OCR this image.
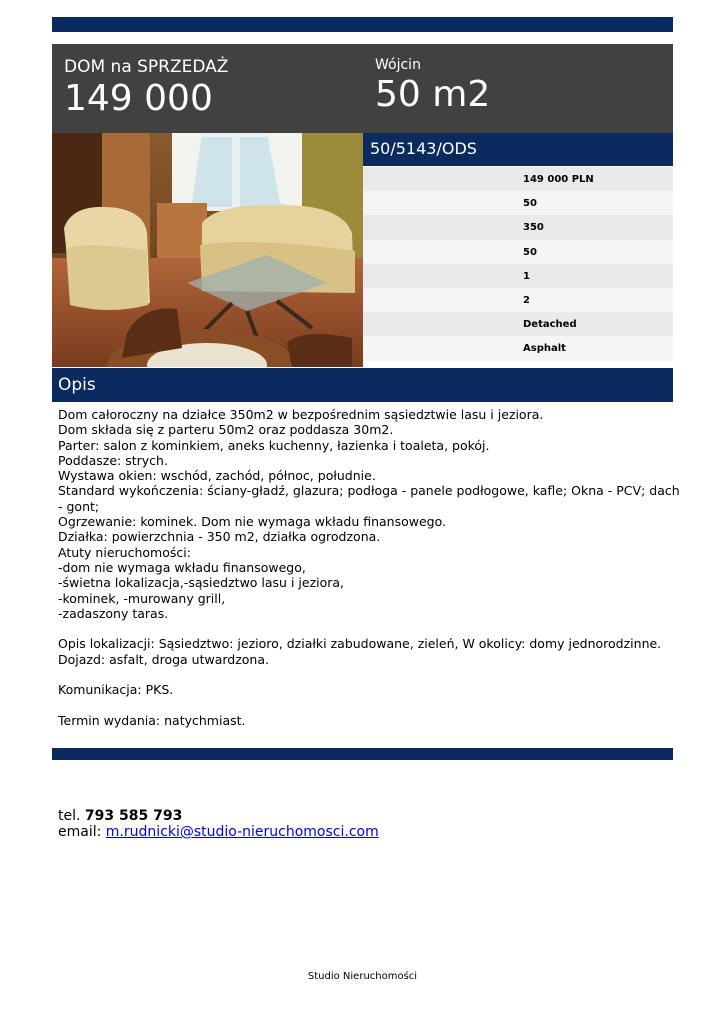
DOM na SPRZEDAŻ
149 000
Wójcin
50 m2
50/5143/ODS
149 000 PLN
50
350
50
1
2
Detached
Asphalt
Opis
Dom całoroczny na działce 350m2 w bezpośrednim sąsiedztwie lasu i jeziora.
Dom składa się z parteru 50m2 oraz poddasza 30m2.
Parter: salon z kominkiem, aneks kuchenny, łazienka i toaleta, pokój.
Poddasze: strych.
Wystawa okien: wschód, zachód, północ, południe.
Standard wykończenia: ściany-gładź, glazura; podłoga - panele podłogowe, kafle; Okna - PCV; dach
- gont;
Ogrzewanie: kominek. Dom nie wymaga wkładu finansowego.
Działka: powierzchnia - 350 m2, działka ogrodzona.
Atuty nieruchomości:
-dom nie wymaga wkładu finansowego,
-świetna lokalizacja,-sąsiedztwo lasu i jeziora,
-kominek, -murowany grill,
-zadaszony taras.
Opis lokalizacji: Sąsiedztwo: jezioro, działki zabudowane, zieleń, W okolicy: domy jednorodzinne.
Dojazd: asfalt, droga utwardzona.
Komunikacja: PKS.
Termin wydania: natychmiast.
tel. 793 585 793
email: m.rudnicki@studio-nieruchomosci.com
Studio Nieruchomości
